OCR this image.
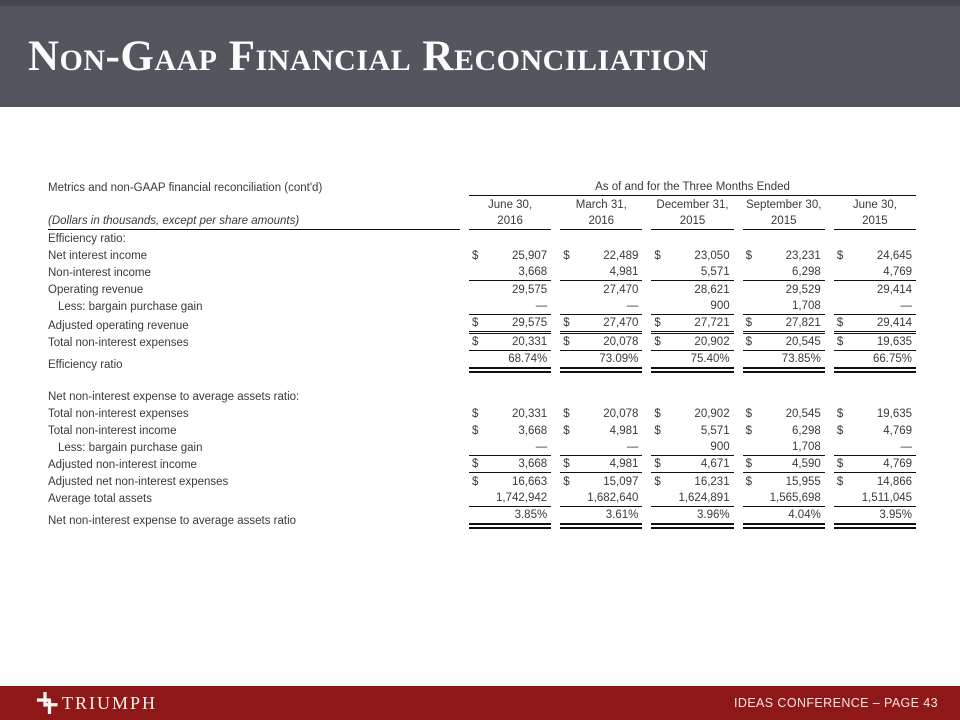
Non-Gaap Financial Reconciliation
Metrics and non-GAAP financial reconciliation (cont'd)	As of and for the Three Months Ended
June 30,	March 31,	December 31,	September 30,	June 30,
(Dollars in thousands, except per share amounts)	2016	2016	2015	2015	2015
Efficiency ratio:
Net interest income	$	25,907	$	22,489	$	23,050	$	23,231	$	24,645
Non-interest income	3,668	4,981	5,571	6,298	4,769
Operating revenue	29,575	27,470	28,621	29,529	29,414
Less: bargain purchase gain	—	—	900	1,708	—
Adjusted operating revenue	$	29,575	$	27,470	$	27,721	$	27,821	$	29,414
Total non-interest expenses	$	20,331	$	20,078	$	20,902	$	20,545	$	19,635
Efficiency ratio	68.74%	73.09%	75.40%	73.85%	66.75%
Net non-interest expense to average assets ratio:
Total non-interest expenses	$	20,331	$	20,078	$	20,902	$	20,545	$	19,635
Total non-interest income	$	3,668	$	4,981	$	5,571	$	6,298	$	4,769
Less: bargain purchase gain	—	—	900	1,708	—
Adjusted non-interest income	$	3,668	$	4,981	$	4,671	$	4,590	$	4,769
Adjusted net non-interest expenses	$	16,663	$	15,097	$	16,231	$	15,955	$	14,866
Average total assets	1,742,942	1,682,640	1,624,891	1,565,698	1,511,045
Net non-interest expense to average assets ratio	3.85%	3.61%	3.96%	4.04%	3.95%
TRIUMPH	IDEAS CONFERENCE – PAGE 43
